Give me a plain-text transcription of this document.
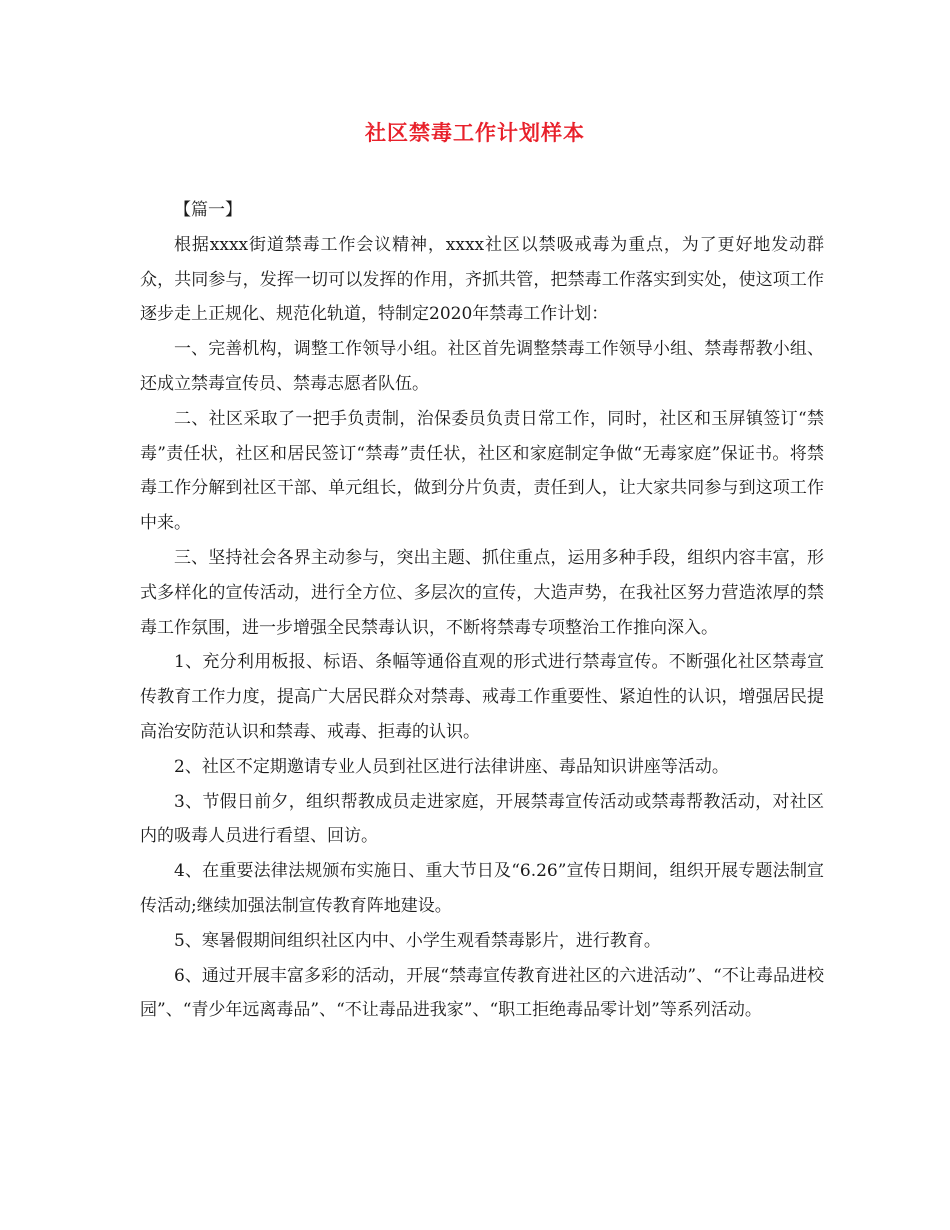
社区禁毒工作计划样本

【篇一】

根据xxxx街道禁毒工作会议精神，xxxx社区以禁吸戒毒为重点，为了更好地发动群众，共同参与，发挥一切可以发挥的作用，齐抓共管，把禁毒工作落实到实处，使这项工作逐步走上正规化、规范化轨道，特制定2020年禁毒工作计划：

一、完善机构，调整工作领导小组。社区首先调整禁毒工作领导小组、禁毒帮教小组、还成立禁毒宣传员、禁毒志愿者队伍。

二、社区采取了一把手负责制，治保委员负责日常工作，同时，社区和玉屏镇签订“禁毒”责任状，社区和居民签订“禁毒”责任状，社区和家庭制定争做“无毒家庭”保证书。将禁毒工作分解到社区干部、单元组长，做到分片负责，责任到人，让大家共同参与到这项工作中来。

三、坚持社会各界主动参与，突出主题、抓住重点，运用多种手段，组织内容丰富，形式多样化的宣传活动，进行全方位、多层次的宣传，大造声势，在我社区努力营造浓厚的禁毒工作氛围，进一步增强全民禁毒认识，不断将禁毒专项整治工作推向深入。

1、充分利用板报、标语、条幅等通俗直观的形式进行禁毒宣传。不断强化社区禁毒宣传教育工作力度，提高广大居民群众对禁毒、戒毒工作重要性、紧迫性的认识，增强居民提高治安防范认识和禁毒、戒毒、拒毒的认识。

2、社区不定期邀请专业人员到社区进行法律讲座、毒品知识讲座等活动。

3、节假日前夕，组织帮教成员走进家庭，开展禁毒宣传活动或禁毒帮教活动，对社区内的吸毒人员进行看望、回访。

4、在重要法律法规颁布实施日、重大节日及“6.26”宣传日期间，组织开展专题法制宣传活动;继续加强法制宣传教育阵地建设。

5、寒暑假期间组织社区内中、小学生观看禁毒影片，进行教育。

6、通过开展丰富多彩的活动，开展“禁毒宣传教育进社区的六进活动”、“不让毒品进校园”、“青少年远离毒品”、“不让毒品进我家”、“职工拒绝毒品零计划”等系列活动。
